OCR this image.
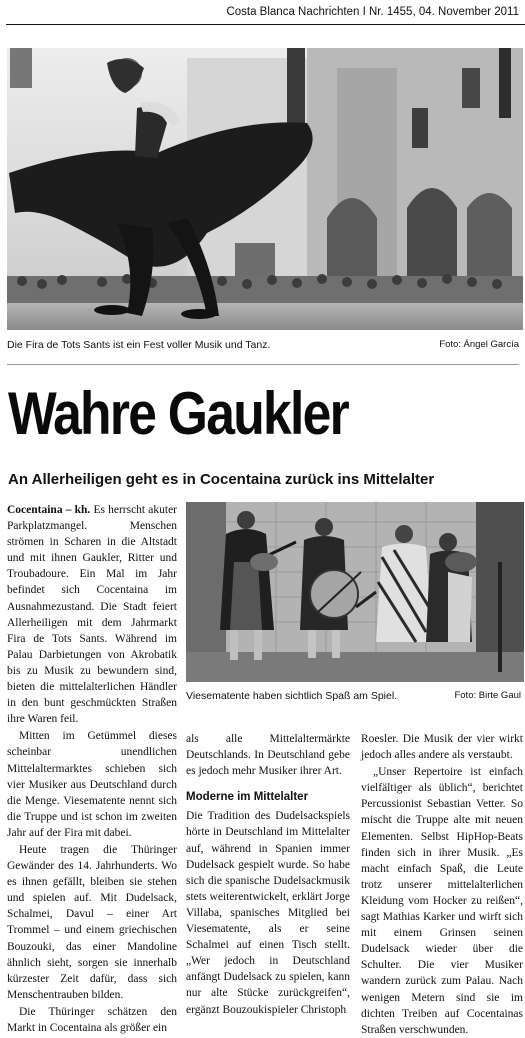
Costa Blanca Nachrichten I Nr. 1455, 04. November 2011
Die Fira de Tots Sants ist ein Fest voller Musik und Tanz.	Foto: Ángel García
Wahre Gaukler
An Allerheiligen geht es in Cocentaina zurück ins Mittelalter

Cocentaina – kh. Es herrscht akuter Parkplatzmangel. Menschen strömen in Scharen in die Altstadt und mit ihnen Gaukler, Ritter und Troubadoure. Ein Mal im Jahr befindet sich Cocentaina im Ausnahmezustand. Die Stadt feiert Allerheiligen mit dem Jahrmarkt Fira de Tots Sants. Während im Palau Darbietungen von Akrobatik bis zu Musik zu bewundern sind, bieten die mittelalterlichen Händler in den bunt geschmückten Straßen ihre Waren feil.

Mitten im Getümmel dieses scheinbar unendlichen Mittelaltermarktes schieben sich vier Musiker aus Deutschland durch die Menge. Viesematente nennt sich die Truppe und ist schon im zweiten Jahr auf der Fira mit dabei.

Heute tragen die Thüringer Gewänder des 14. Jahrhunderts. Wo es ihnen gefällt, bleiben sie stehen und spielen auf. Mit Dudelsack, Schalmei, Davul – einer Art Trommel – und einem griechischen Bouzouki, das einer Mandoline ähnlich sieht, sorgen sie innerhalb kürzester Zeit dafür, dass sich Menschentrauben bilden.

Die Thüringer schätzen den Markt in Cocentaina als größer ein

Viesematente haben sichtlich Spaß am Spiel.	Foto: Birte Gaul

als alle Mittelaltermärkte Deutschlands. In Deutschland gebe es jedoch mehr Musiker ihrer Art.

Moderne im Mittelalter

Die Tradition des Dudelsackspiels hörte in Deutschland im Mittelalter auf, während in Spanien immer Dudelsack gespielt wurde. So habe sich die spanische Dudelsackmusik stets weiterentwickelt, erklärt Jorge Villaba, spanisches Mitglied bei Viesematente, als er seine Schalmei auf einen Tisch stellt. „Wer jedoch in Deutschland anfängt Dudelsack zu spielen, kann nur alte Stücke zurückgreifen“, ergänzt Bouzoukispieler Christoph

Roesler. Die Musik der vier wirkt jedoch alles andere als verstaubt.

„Unser Repertoire ist einfach vielfältiger als üblich“, berichtet Percussionist Sebastian Vetter. So mischt die Truppe alte mit neuen Elementen. Selbst HipHop-Beats finden sich in ihrer Musik. „Es macht einfach Spaß, die Leute trotz unserer mittelalterlichen Kleidung vom Hocker zu reißen“, sagt Mathias Karker und wirft sich mit einem Grinsen seinen Dudelsack wieder über die Schulter. Die vier Musiker wandern zurück zum Palau. Nach wenigen Metern sind sie im dichten Treiben auf Cocentainas Straßen verschwunden.
